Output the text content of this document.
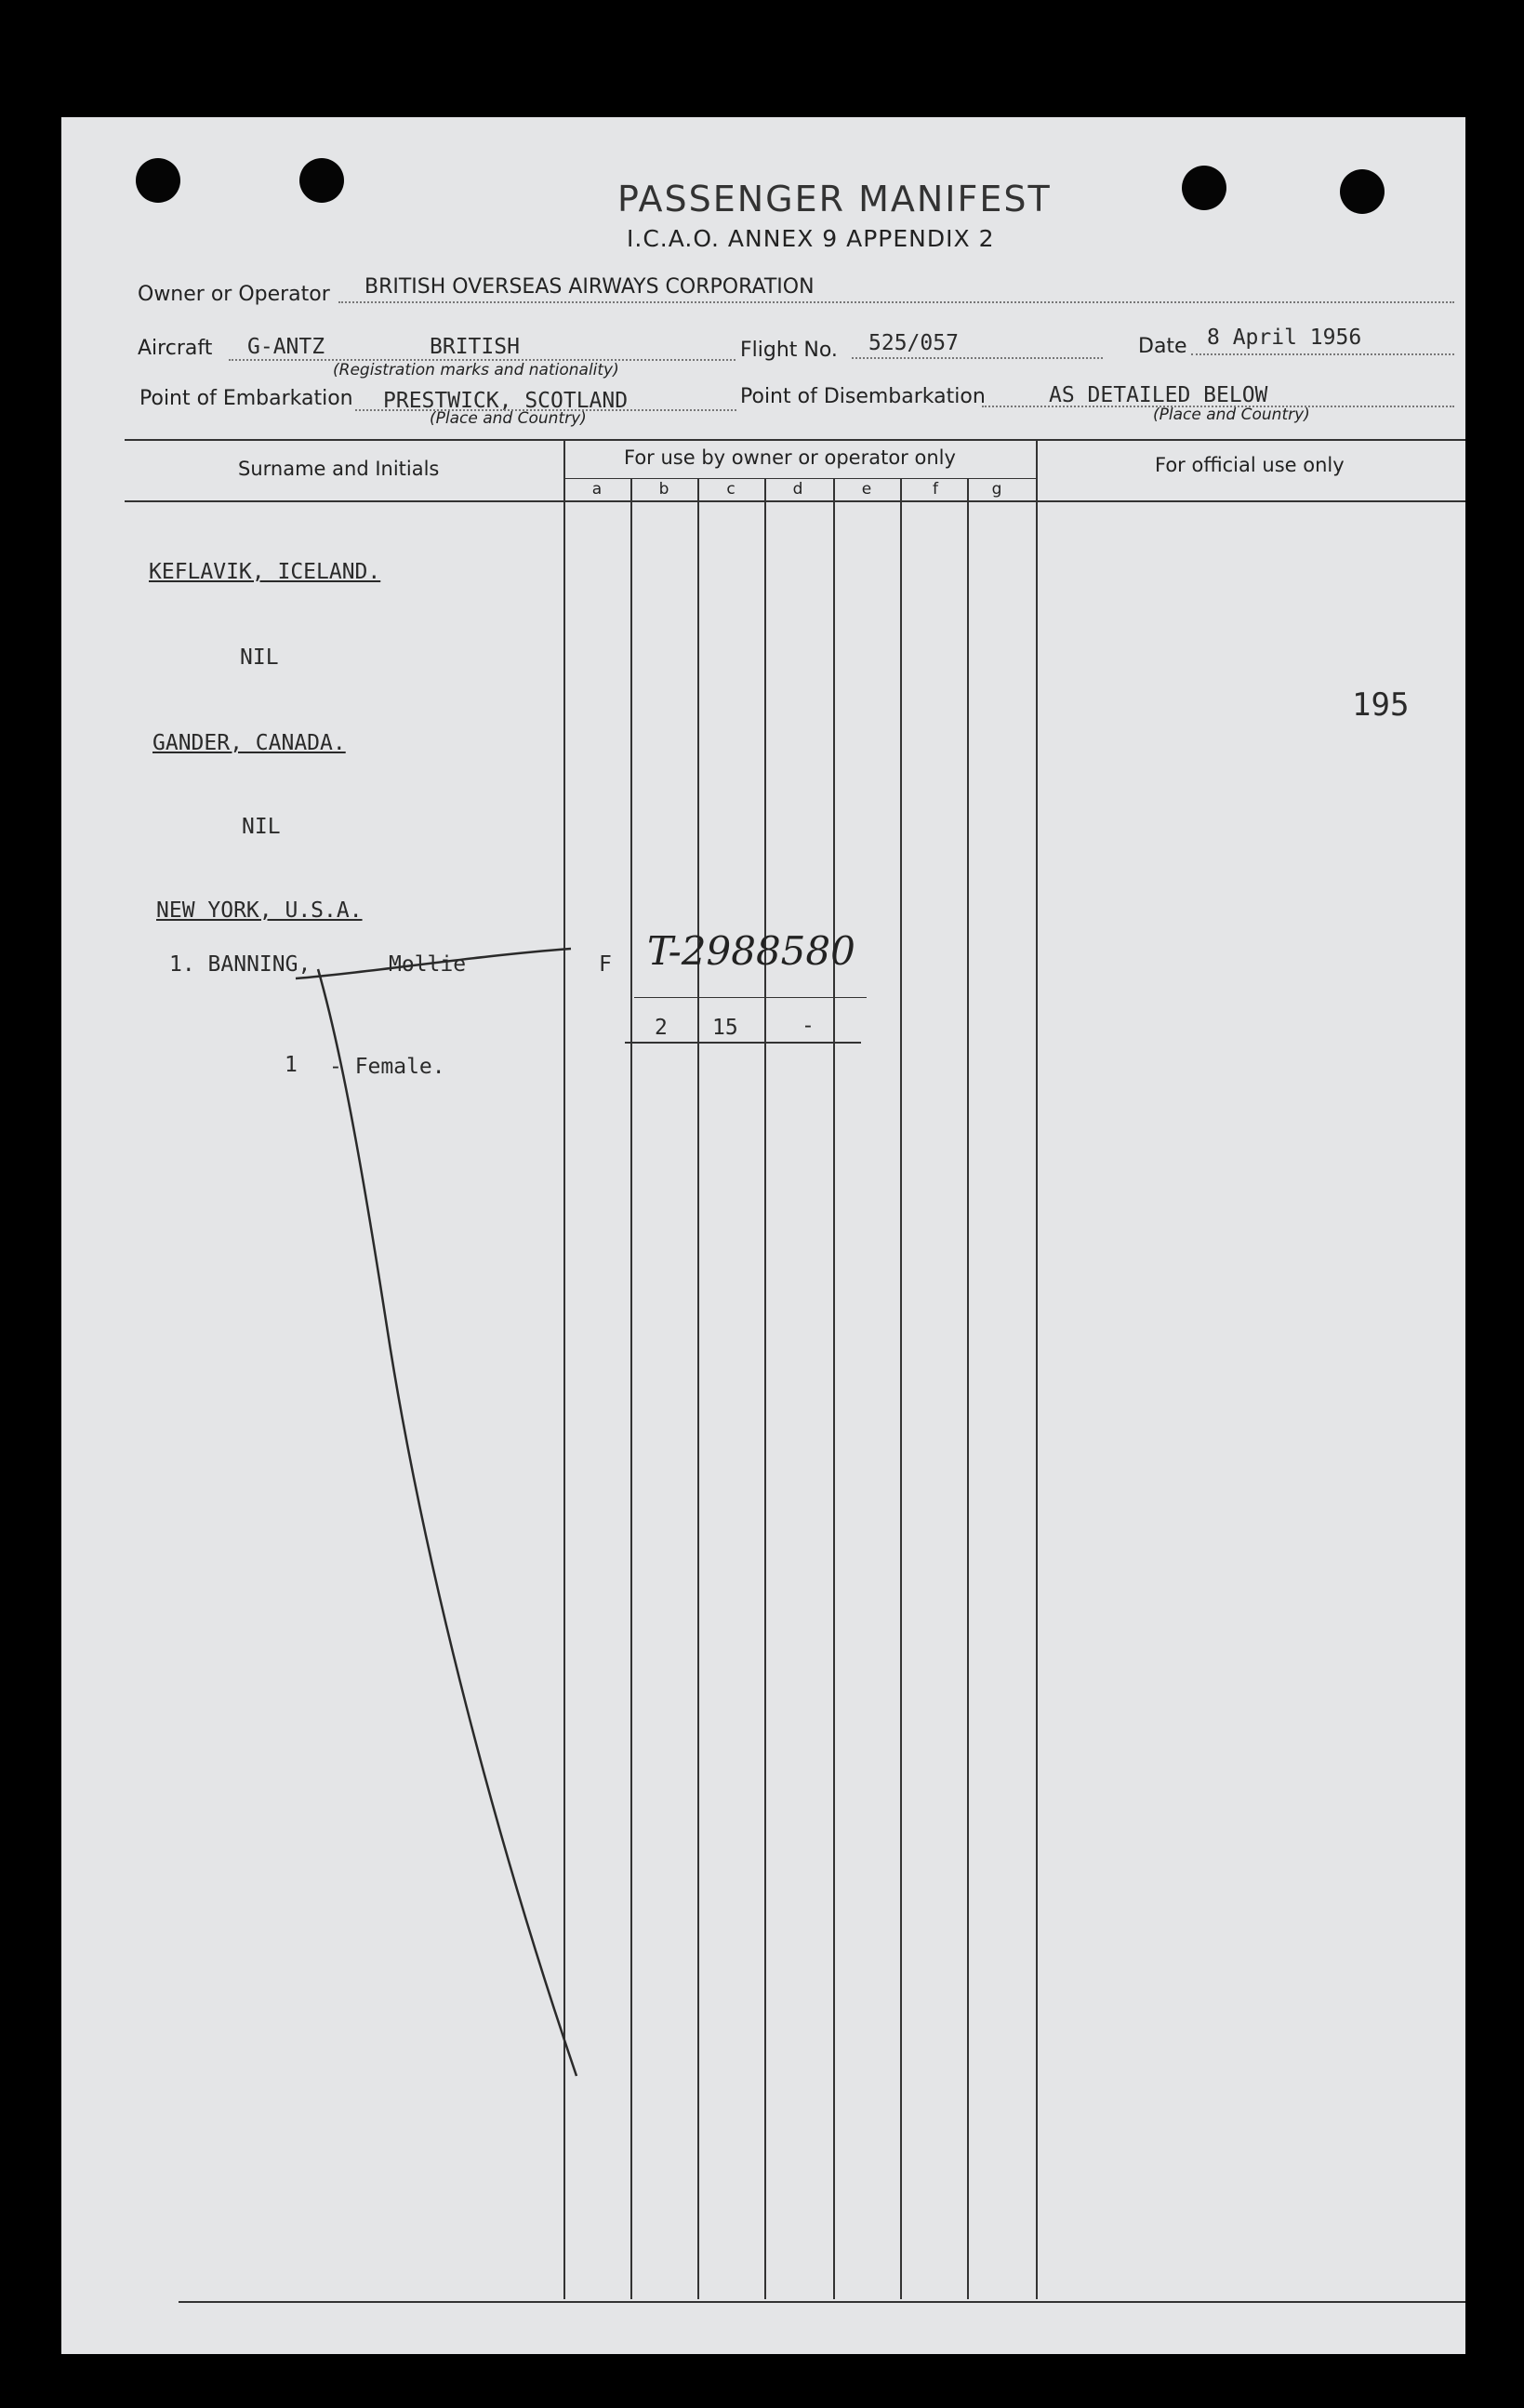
PASSENGER MANIFEST
I.C.A.O. ANNEX 9 APPENDIX 2
Owner or Operator BRITISH OVERSEAS AIRWAYS CORPORATION
Aircraft G-ANTZ	BRITISH
(Registration marks and nationality)
Flight No. 525/057	Date 8 April 1956
Point of Embarkation PRESTWICK, SCOTLAND
(Place and Country)
Point of Disembarkation	AS DETAILED BELOW
(Place and Country)
Surname and Initials	For use by owner or operator only	For official use only
a	b	c	d	e	f	g
KEFLAVIK, ICELAND.
NIL
GANDER, CANADA.
NIL
NEW YORK, U.S.A.
1. BANNING,	Mollie	F T-2988580
2 15	-
1 - Female.
195
